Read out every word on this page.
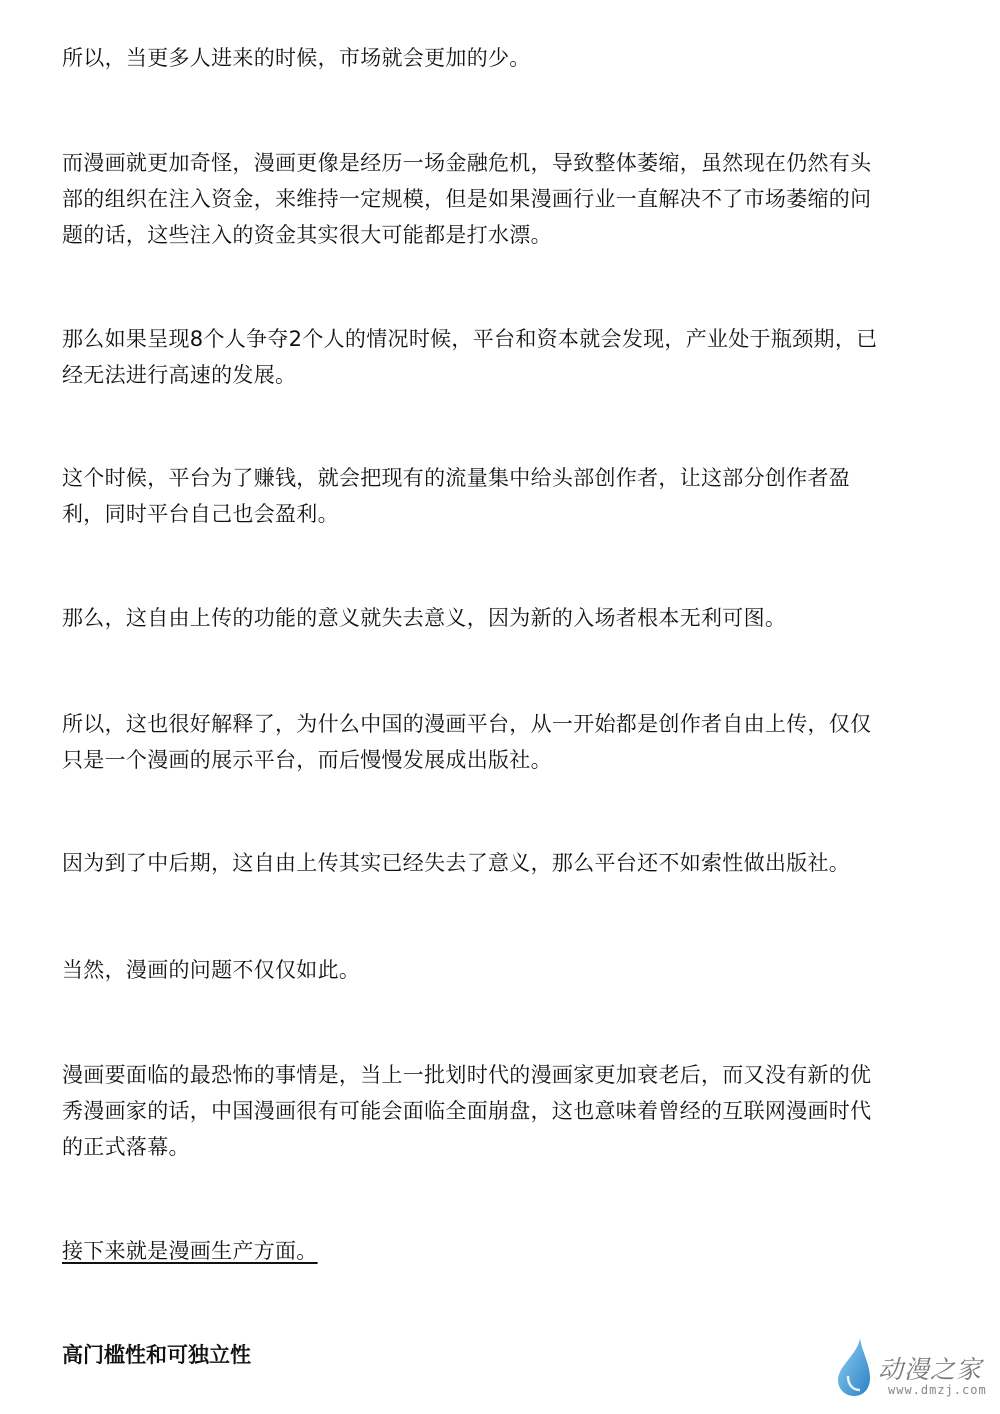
所以，当更多人进来的时候，市场就会更加的少。

而漫画就更加奇怪，漫画更像是经历一场金融危机，导致整体萎缩，虽然现在仍然有头
部的组织在注入资金，来维持一定规模，但是如果漫画行业一直解决不了市场萎缩的问
题的话，这些注入的资金其实很大可能都是打水漂。

那么如果呈现8个人争夺2个人的情况时候，平台和资本就会发现，产业处于瓶颈期，已
经无法进行高速的发展。

这个时候，平台为了赚钱，就会把现有的流量集中给头部创作者，让这部分创作者盈
利，同时平台自己也会盈利。

那么，这自由上传的功能的意义就失去意义，因为新的入场者根本无利可图。

所以，这也很好解释了，为什么中国的漫画平台，从一开始都是创作者自由上传，仅仅
只是一个漫画的展示平台，而后慢慢发展成出版社。

因为到了中后期，这自由上传其实已经失去了意义，那么平台还不如索性做出版社。

当然，漫画的问题不仅仅如此。

漫画要面临的最恐怖的事情是，当上一批划时代的漫画家更加衰老后，而又没有新的优
秀漫画家的话，中国漫画很有可能会面临全面崩盘，这也意味着曾经的互联网漫画时代
的正式落幕。

接下来就是漫画生产方面。

高门槛性和可独立性	动漫之家
www.dmzj.com
